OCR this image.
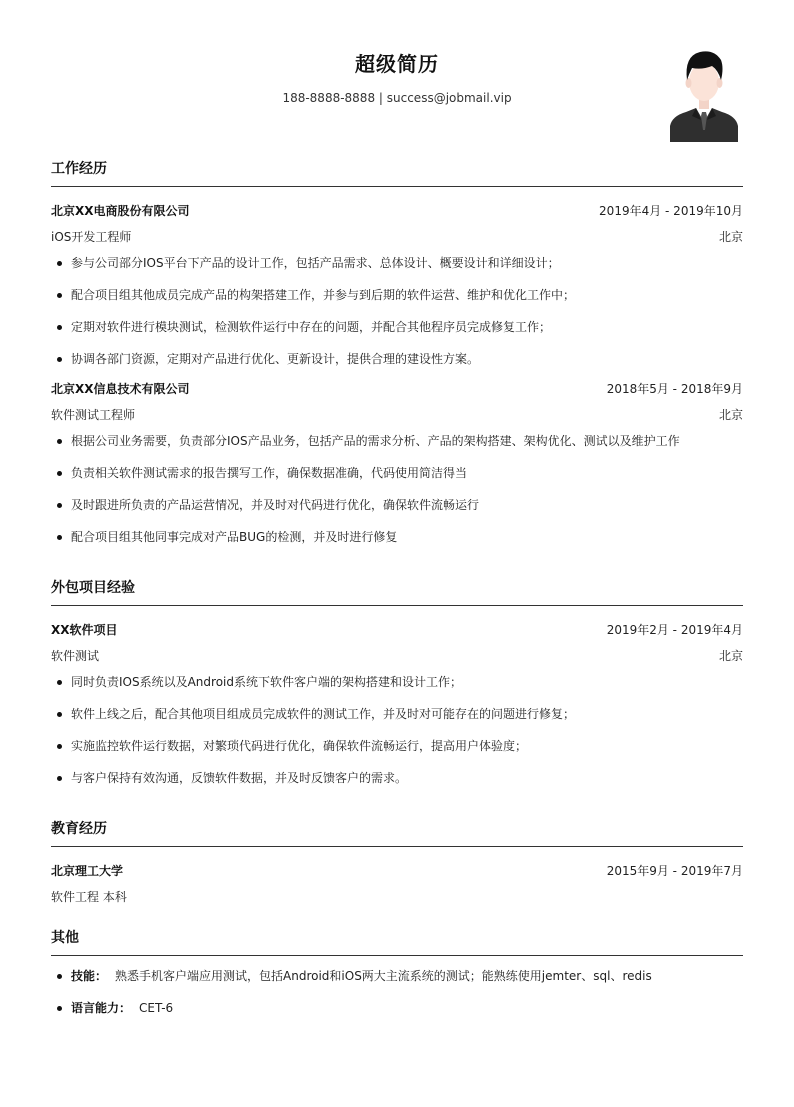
超级简历
188-8888-8888 | success@jobmail.vip
工作经历
北京XX电商股份有限公司	2019年4月 - 2019年10月
iOS开发工程师	北京
参与公司部分IOS平台下产品的设计工作，包括产品需求、总体设计、概要设计和详细设计；
配合项目组其他成员完成产品的构架搭建工作，并参与到后期的软件运营、维护和优化工作中；
定期对软件进行模块测试，检测软件运行中存在的问题，并配合其他程序员完成修复工作；
协调各部门资源，定期对产品进行优化、更新设计，提供合理的建设性方案。
北京XX信息技术有限公司	2018年5月 - 2018年9月
软件测试工程师	北京
根据公司业务需要，负责部分IOS产品业务，包括产品的需求分析、产品的架构搭建、架构优化、测试以及维护工作
负责相关软件测试需求的报告撰写工作，确保数据准确，代码使用简洁得当
及时跟进所负责的产品运营情况，并及时对代码进行优化，确保软件流畅运行
配合项目组其他同事完成对产品BUG的检测，并及时进行修复
外包项目经验
XX软件项目	2019年2月 - 2019年4月
软件测试	北京
同时负责IOS系统以及Android系统下软件客户端的架构搭建和设计工作；
软件上线之后，配合其他项目组成员完成软件的测试工作，并及时对可能存在的问题进行修复；
实施监控软件运行数据，对繁琐代码进行优化，确保软件流畅运行，提高用户体验度；
与客户保持有效沟通，反馈软件数据，并及时反馈客户的需求。
教育经历
北京理工大学	2015年9月 - 2019年7月
软件工程 本科
其他
技能： 熟悉手机客户端应用测试，包括Android和iOS两大主流系统的测试；能熟练使用jemter、sql、redis
语言能力： CET-6
